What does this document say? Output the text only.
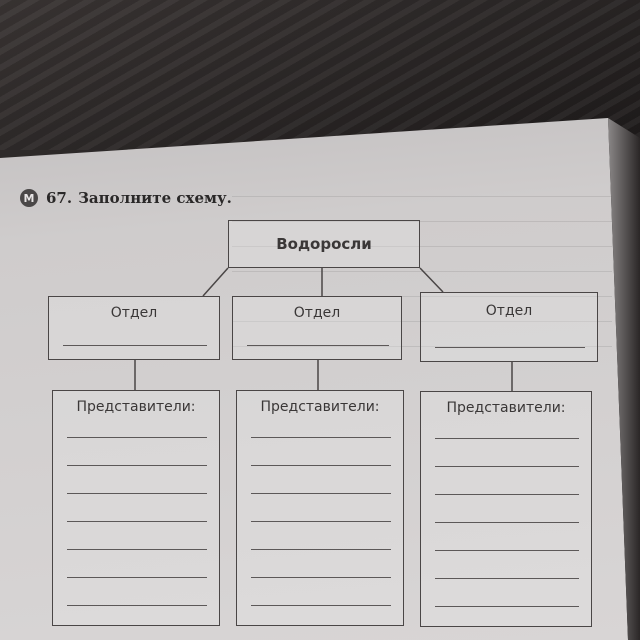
М 67. Заполните схему.
Водоросли
Отдел	Отдел	Отдел
Представители:	Представители:	Представители:
